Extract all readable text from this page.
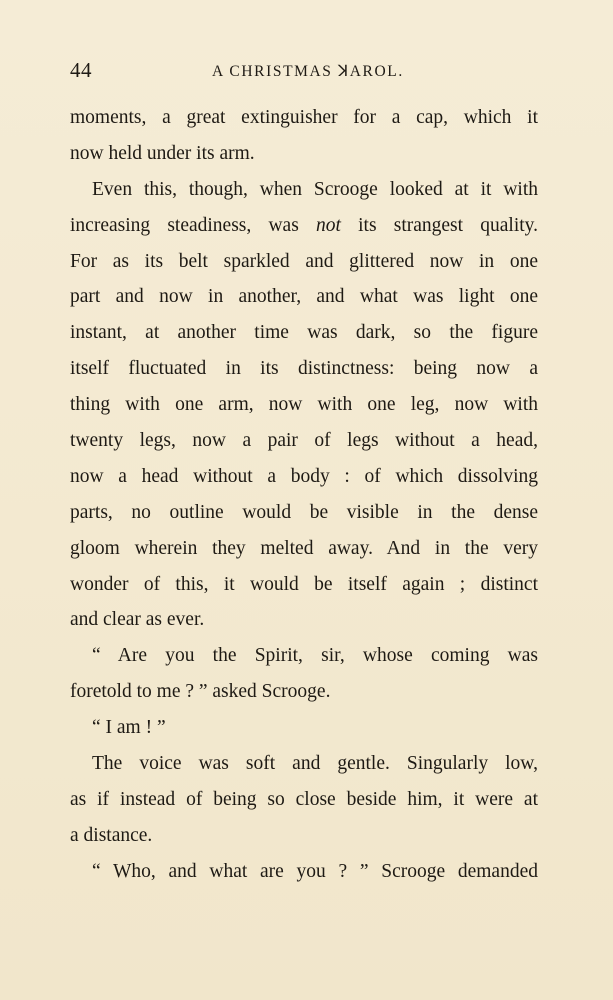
44	A CHRISTMAS ꓘAROL.
moments, a great extinguisher for a cap, which it
now held under its arm.
Even this, though, when Scrooge looked at it with
increasing steadiness, was not its strangest quality.
For as its belt sparkled and glittered now in one
part and now in another, and what was light one
instant, at another time was dark, so the figure
itself fluctuated in its distinctness: being now a
thing with one arm, now with one leg, now with
twenty legs, now a pair of legs without a head,
now a head without a body : of which dissolving
parts, no outline would be visible in the dense
gloom wherein they melted away. And in the very
wonder of this, it would be itself again ; distinct
and clear as ever.
“ Are you the Spirit, sir, whose coming was
foretold to me ? ” asked Scrooge.
“ I am ! ”
The voice was soft and gentle. Singularly low,
as if instead of being so close beside him, it were at
a distance.
“ Who, and what are you ? ” Scrooge demanded
